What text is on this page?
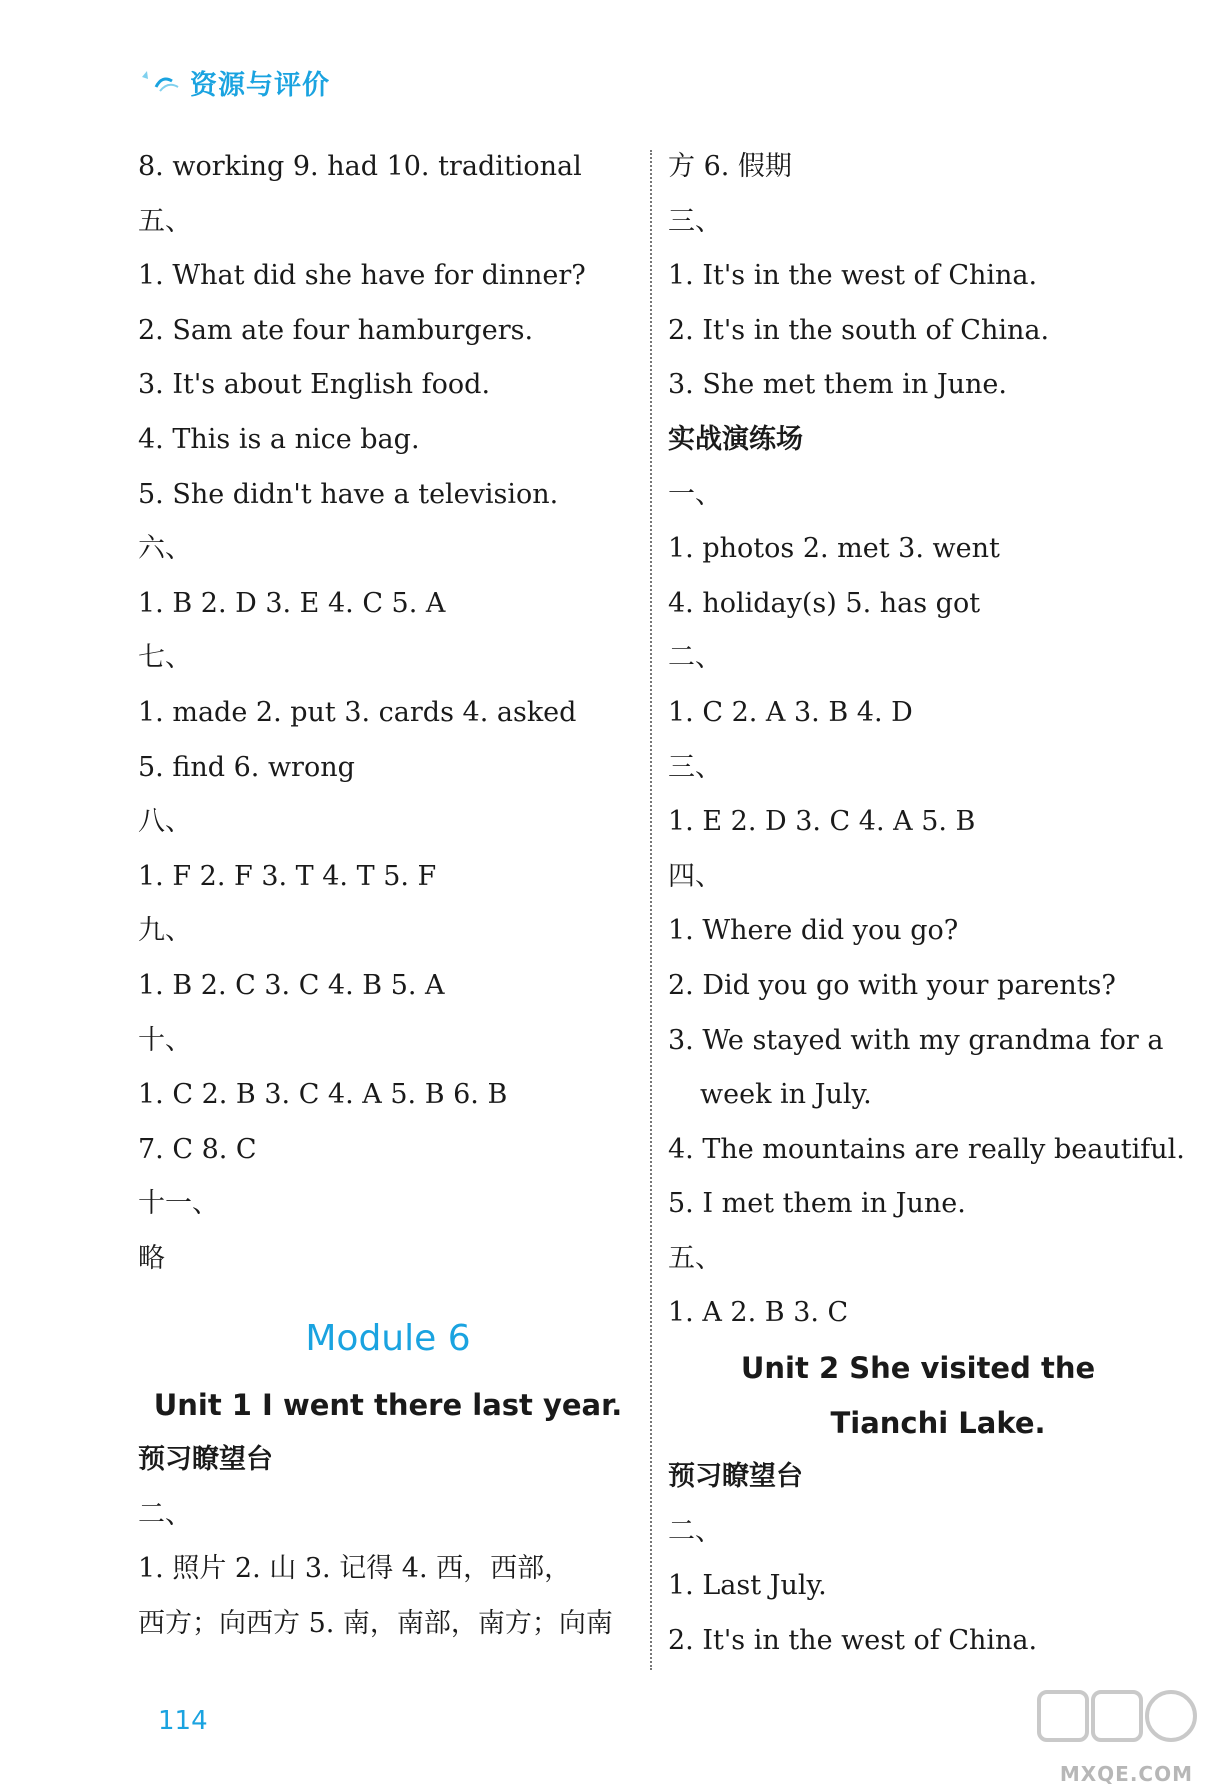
资源与评价
8. working 9. had 10. traditional
五、
1. What did she have for dinner?
2. Sam ate four hamburgers.
3. It's about English food.
4. This is a nice bag.
5. She didn't have a television.
六、
1. B 2. D 3. E 4. C 5. A
七、
1. made 2. put 3. cards 4. asked
5. find 6. wrong
八、
1. F 2. F 3. T 4. T 5. F
九、
1. B 2. C 3. C 4. B 5. A
十、
1. C 2. B 3. C 4. A 5. B 6. B
7. C 8. C
十一、
略
Module 6
Unit 1 I went there last year.
预习瞭望台
二、
1. 照片 2. 山 3. 记得 4. 西，西部，
西方；向西方 5. 南，南部，南方；向南
方 6. 假期
三、
1. It's in the west of China.
2. It's in the south of China.
3. She met them in June.
实战演练场
一、
1. photos 2. met 3. went
4. holiday(s) 5. has got
二、
1. C 2. A 3. B 4. D
三、
1. E 2. D 3. C 4. A 5. B
四、
1. Where did you go?
2. Did you go with your parents?
3. We stayed with my grandma for a
week in July.
4. The mountains are really beautiful.
5. I met them in June.
五、
1. A 2. B 3. C
Unit 2 She visited the
Tianchi Lake.
预习瞭望台
二、
1. Last July.
2. It's in the west of China.
114
MXQE.COM
